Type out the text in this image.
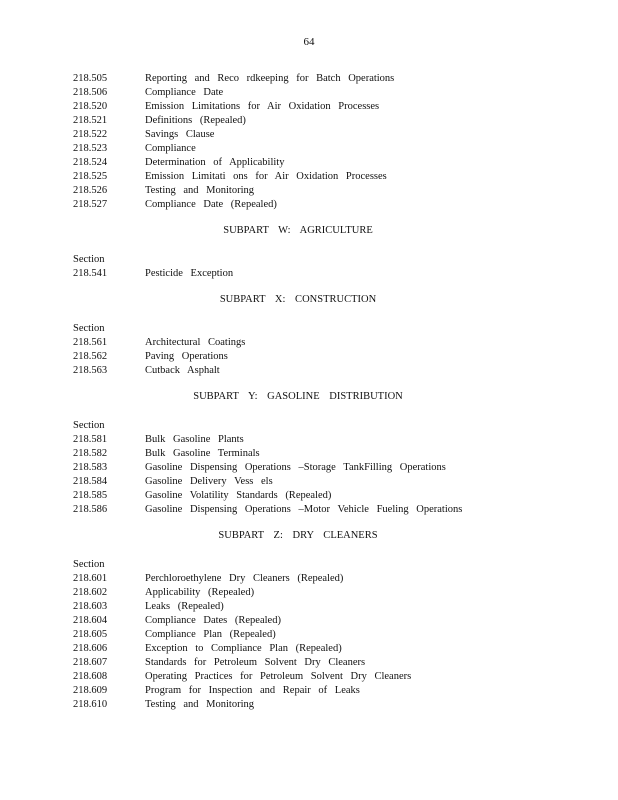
64
218.505	Reporting and Reco rdkeeping for Batch Operations
218.506	Compliance Date
218.520	Emission Limitations for Air Oxidation Processes
218.521	Definitions (Repealed)
218.522	Savings Clause
218.523	Compliance
218.524	Determination of Applicability
218.525	Emission Limitati ons for Air Oxidation Processes
218.526	Testing and Monitoring
218.527	Compliance Date (Repealed)
SUBPART W: AGRICULTURE
Section
218.541	Pesticide Exception
SUBPART X: CONSTRUCTION
Section
218.561	Architectural Coatings
218.562	Paving Operations
218.563	Cutback Asphalt
SUBPART Y: GASOLINE DISTRIBUTION
Section
218.581	Bulk Gasoline Plants
218.582	Bulk Gasoline Terminals
218.583	Gasoline Dispensing Operations –Storage TankFilling Operations
218.584	Gasoline Delivery Vess els
218.585	Gasoline Volatility Standards (Repealed)
218.586	Gasoline Dispensing Operations –Motor Vehicle Fueling Operations
SUBPART Z: DRY CLEANERS
Section
218.601	Perchloroethylene Dry Cleaners (Repealed)
218.602	Applicability (Repealed)
218.603	Leaks (Repealed)
218.604	Compliance Dates (Repealed)
218.605	Compliance Plan (Repealed)
218.606	Exception to Compliance Plan (Repealed)
218.607	Standards for Petroleum Solvent Dry Cleaners
218.608	Operating Practices for Petroleum Solvent Dry Cleaners
218.609	Program for Inspection and Repair of Leaks
218.610	Testing and Monitoring
